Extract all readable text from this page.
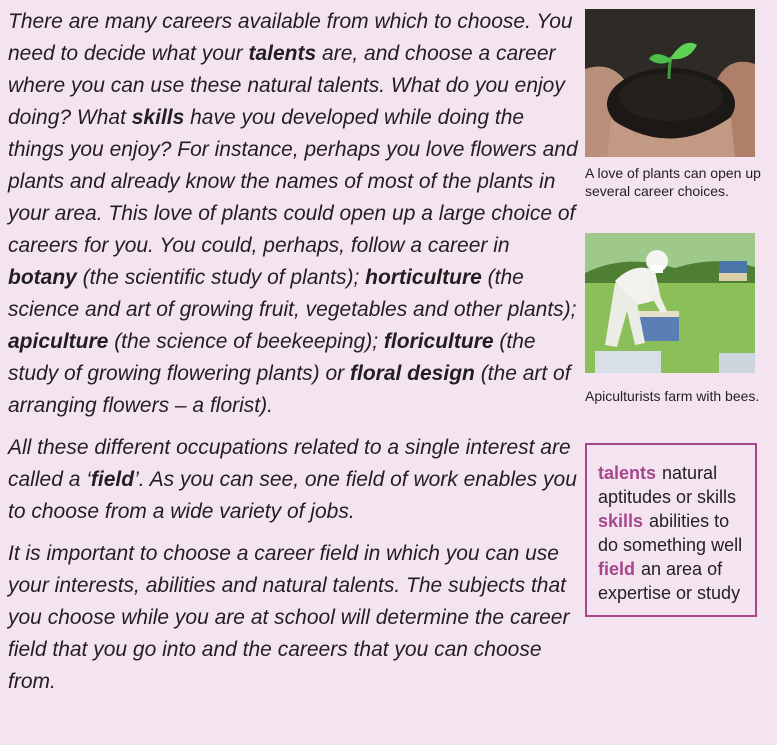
There are many careers available from which to choose. You need to decide what your talents are, and choose a career where you can use these natural talents. What do you enjoy doing? What skills have you developed while doing the things you enjoy? For instance, perhaps you love flowers and plants and already know the names of most of the plants in your area. This love of plants could open up a large choice of careers for you. You could, perhaps, follow a career in botany (the scientific study of plants); horticulture (the science and art of growing fruit, vegetables and other plants); apiculture (the science of beekeeping); floriculture (the study of growing flowering plants) or floral design (the art of arranging flowers – a florist).

All these different occupations related to a single interest are called a ‘field’. As you can see, one field of work enables you to choose from a wide variety of jobs.

It is important to choose a career field in which you can use your interests, abilities and natural talents. The subjects that you choose while you are at school will determine the career field that you go into and the careers that you can choose from.

A love of plants can open up several career choices.
Apiculturists farm with bees.
talents natural aptitudes or skills
skills abilities to do something well
field an area of expertise or study
